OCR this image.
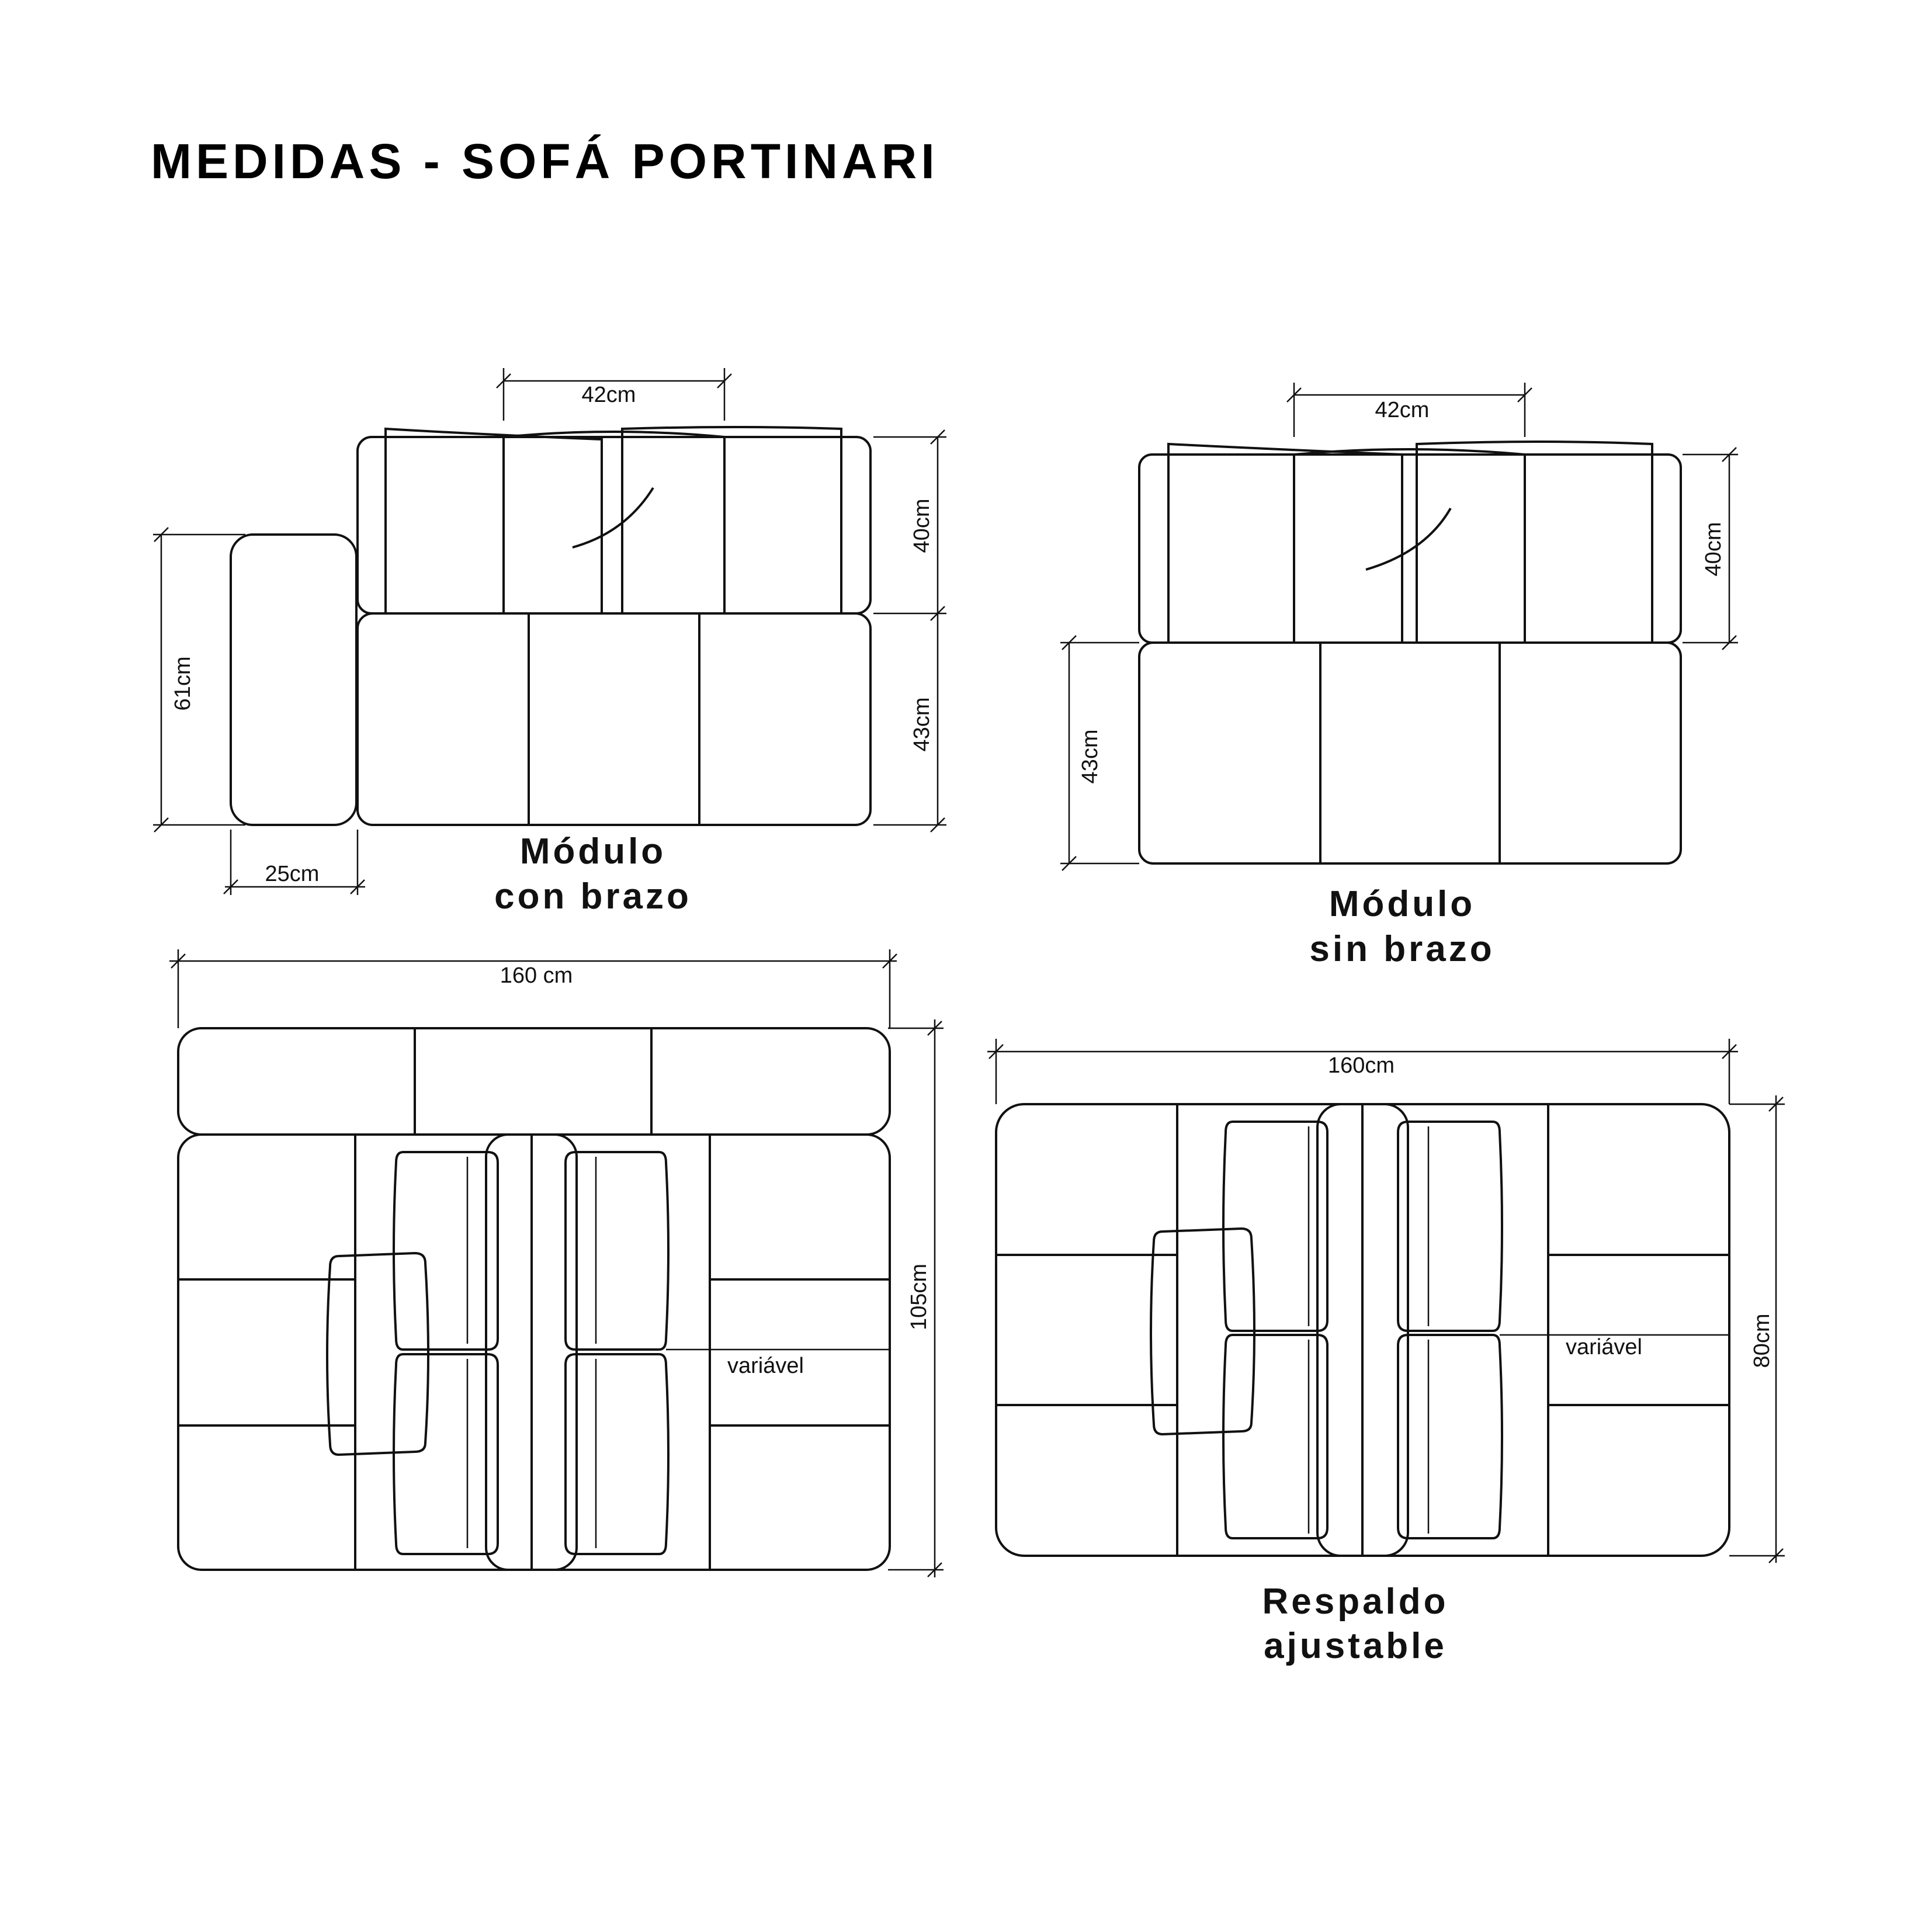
MEDIDAS - SOFÁ PORTINARI
42cm
40cm
43cm
61cm
25cm
Módulo
con brazo
42cm
40cm
43cm
Módulo
sin brazo
variável
160 cm
105cm
variável
160cm
80cm
Respaldo
ajustable
